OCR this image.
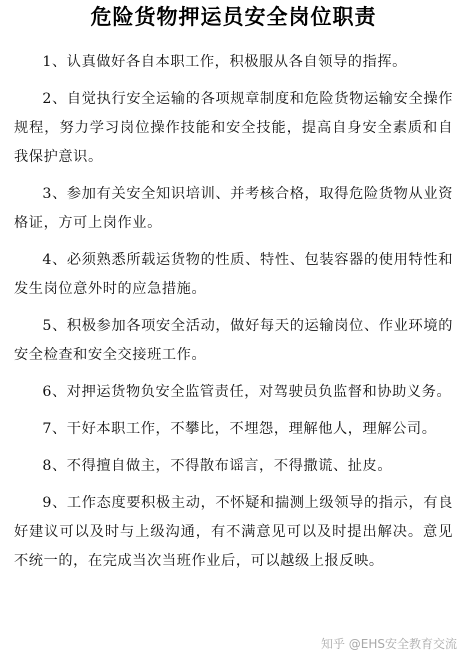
危险货物押运员安全岗位职责
1、认真做好各自本职工作，积极服从各自领导的指挥。
2、自觉执行安全运输的各项规章制度和危险货物运输安全操作规程，努力学习岗位操作技能和安全技能，提高自身安全素质和自我保护意识。
3、参加有关安全知识培训、并考核合格，取得危险货物从业资格证，方可上岗作业。
4、必须熟悉所载运货物的性质、特性、包装容器的使用特性和发生岗位意外时的应急措施。
5、积极参加各项安全活动，做好每天的运输岗位、作业环境的安全检查和安全交接班工作。
6、对押运货物负安全监管责任，对驾驶员负监督和协助义务。
7、干好本职工作，不攀比，不埋怨，理解他人，理解公司。
8、不得擅自做主，不得散布谣言，不得撒谎、扯皮。
9、工作态度要积极主动，不怀疑和揣测上级领导的指示，有良好建议可以及时与上级沟通，有不满意见可以及时提出解决。意见不统一的，在完成当次当班作业后，可以越级上报反映。
知乎 @EHS安全教育交流
